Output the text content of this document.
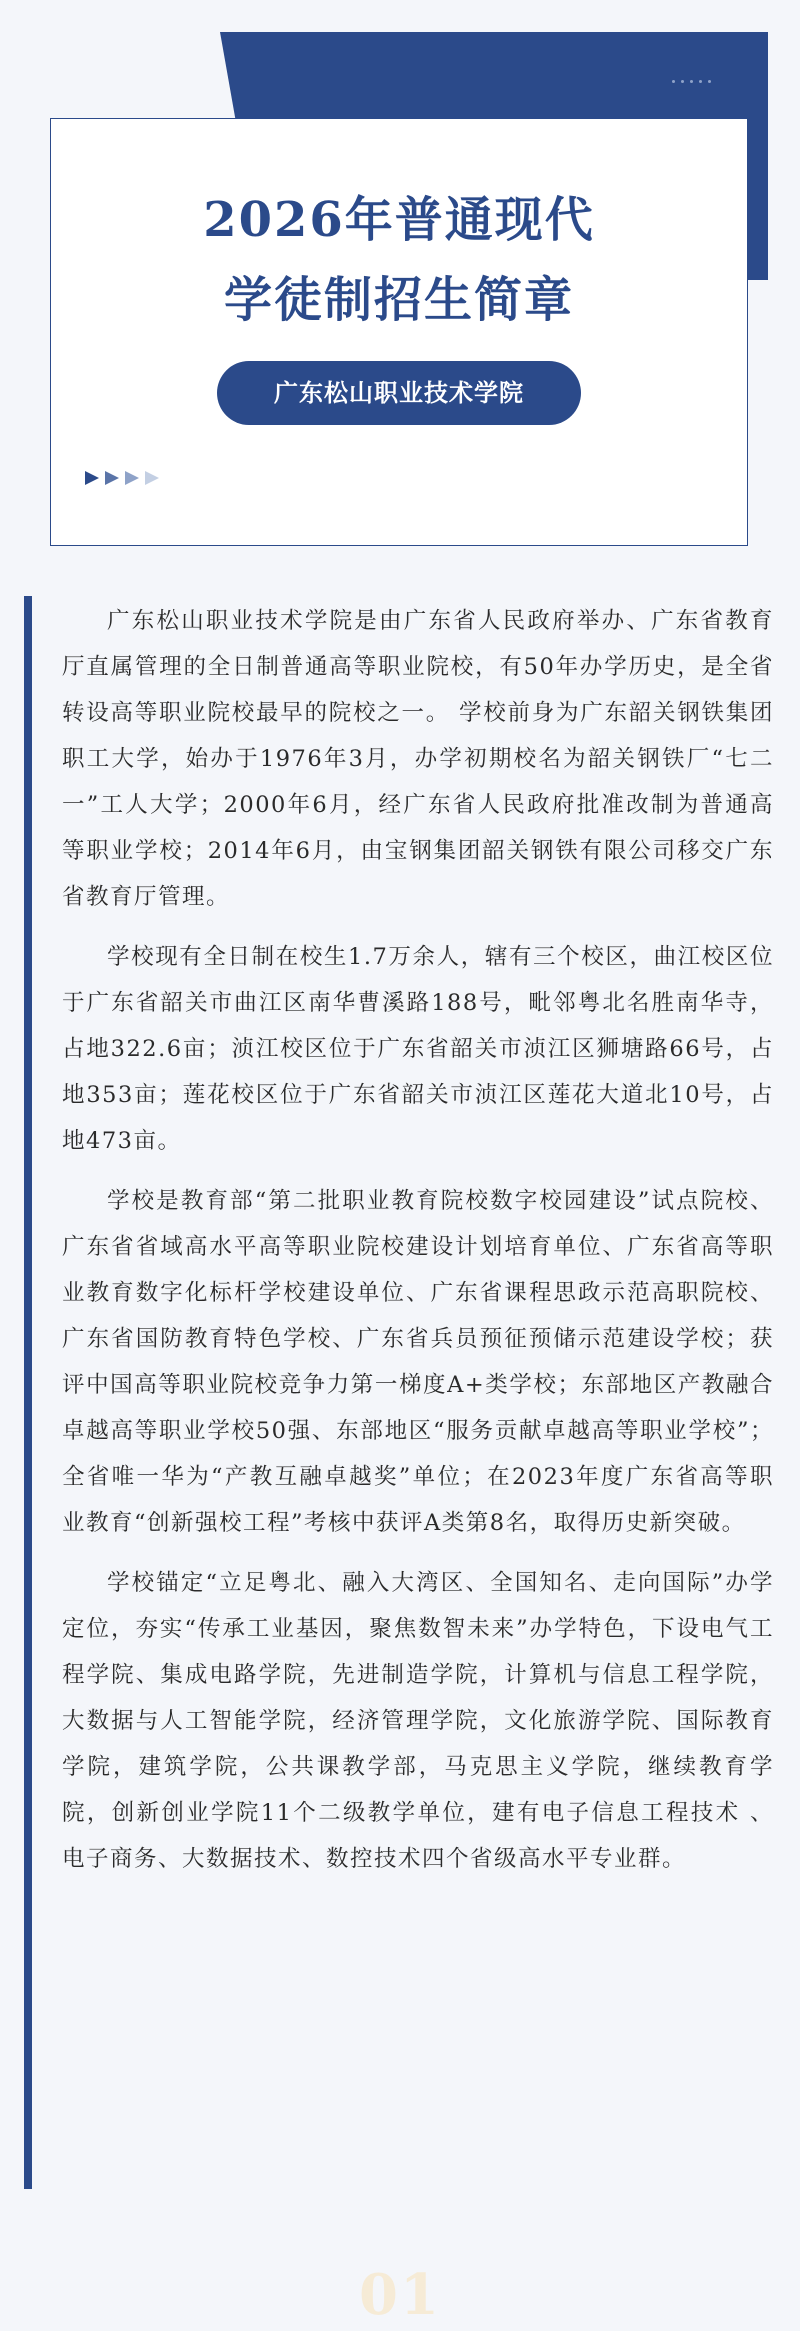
2026年普通现代
学徒制招生简章
广东松山职业技术学院

广东松山职业技术学院是由广东省人民政府举办、广东省教育厅直属管理的全日制普通高等职业院校，有50年办学历史，是全省转设高等职业院校最早的院校之一。 学校前身为广东韶关钢铁集团职工大学，始办于1976年3月，办学初期校名为韶关钢铁厂“七二一”工人大学；2000年6月，经广东省人民政府批准改制为普通高等职业学校；2014年6月，由宝钢集团韶关钢铁有限公司移交广东省教育厅管理。

学校现有全日制在校生1.7万余人，辖有三个校区，曲江校区位于广东省韶关市曲江区南华曹溪路188号，毗邻粤北名胜南华寺，占地322.6亩；浈江校区位于广东省韶关市浈江区狮塘路66号，占地353亩；莲花校区位于广东省韶关市浈江区莲花大道北10号，占地473亩。

学校是教育部“第二批职业教育院校数字校园建设”试点院校、广东省省域高水平高等职业院校建设计划培育单位、广东省高等职业教育数字化标杆学校建设单位、广东省课程思政示范高职院校、广东省国防教育特色学校、广东省兵员预征预储示范建设学校；获评中国高等职业院校竞争力第一梯度A+类学校；东部地区产教融合卓越高等职业学校50强、东部地区“服务贡献卓越高等职业学校”；全省唯一华为“产教互融卓越奖”单位；在2023年度广东省高等职业教育“创新强校工程”考核中获评A类第8名，取得历史新突破。

学校锚定“立足粤北、融入大湾区、全国知名、走向国际”办学定位，夯实“传承工业基因，聚焦数智未来”办学特色，下设电气工程学院、集成电路学院，先进制造学院，计算机与信息工程学院，大数据与人工智能学院，经济管理学院，文化旅游学院、国际教育学院，建筑学院，公共课教学部，马克思主义学院，继续教育学院，创新创业学院11个二级教学单位，建有电子信息工程技术 、电子商务、大数据技术、数控技术四个省级高水平专业群。

01
